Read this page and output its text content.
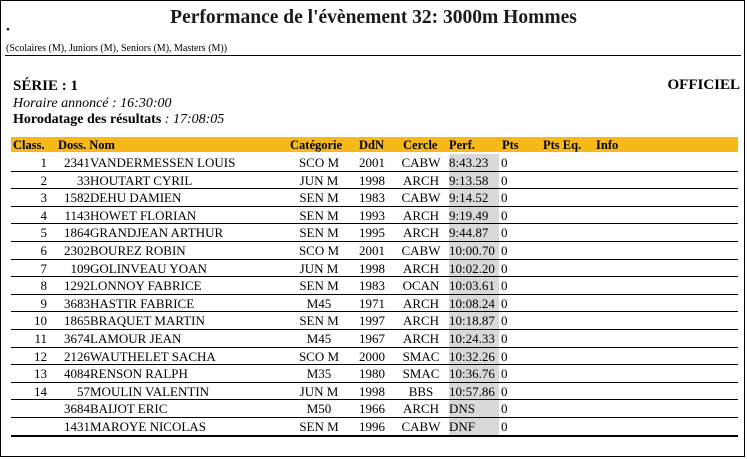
Performance de l'évènement 32: 3000m Hommes
•
(Scolaires (M), Juniors (M), Seniors (M), Masters (M))
SÉRIE : 1	OFFICIEL
Horaire annoncé : 16:30:00
Horodatage des résultats : 17:08:05
Class. Doss. Nom	Catégorie DdN Cercle Perf. Pts Pts Eq. Info
1 2341 VANDERMESSEN LOUIS	SCO M	2001	CABW 8:43.23 0
2 33 HOUTART CYRIL	JUN M	1998	ARCH 9:13.58 0
3 1582 DEHU DAMIEN	SEN M	1983	CABW 9:14.52 0
4 1143 HOWET FLORIAN	SEN M	1993	ARCH 9:19.49 0
5 1864 GRANDJEAN ARTHUR	SEN M	1995	ARCH 9:44.87 0
6 2302 BOUREZ ROBIN	SCO M	2001	CABW 10:00.70 0
7 109 GOLINVEAU YOAN	JUN M	1998	ARCH 10:02.20 0
8 1292 LONNOY FABRICE	SEN M	1983	OCAN 10:03.61 0
9 3683 HASTIR FABRICE	M45	1971	ARCH 10:08.24 0
10 1865 BRAQUET MARTIN	SEN M	1997	ARCH 10:18.87 0
11 3674 LAMOUR JEAN	M45	1967	ARCH 10:24.33 0
12 2126 WAUTHELET SACHA	SCO M	2000	SMAC 10:32.26 0
13 4084 RENSON RALPH	M35	1980	SMAC 10:36.76 0
14 57 MOULIN VALENTIN	JUN M	1998	BBS	10:57.86 0
3684 BAIJOT ERIC	M50	1966	ARCH DNS 0
1431 MAROYE NICOLAS	SEN M	1996	CABW DNF 0
